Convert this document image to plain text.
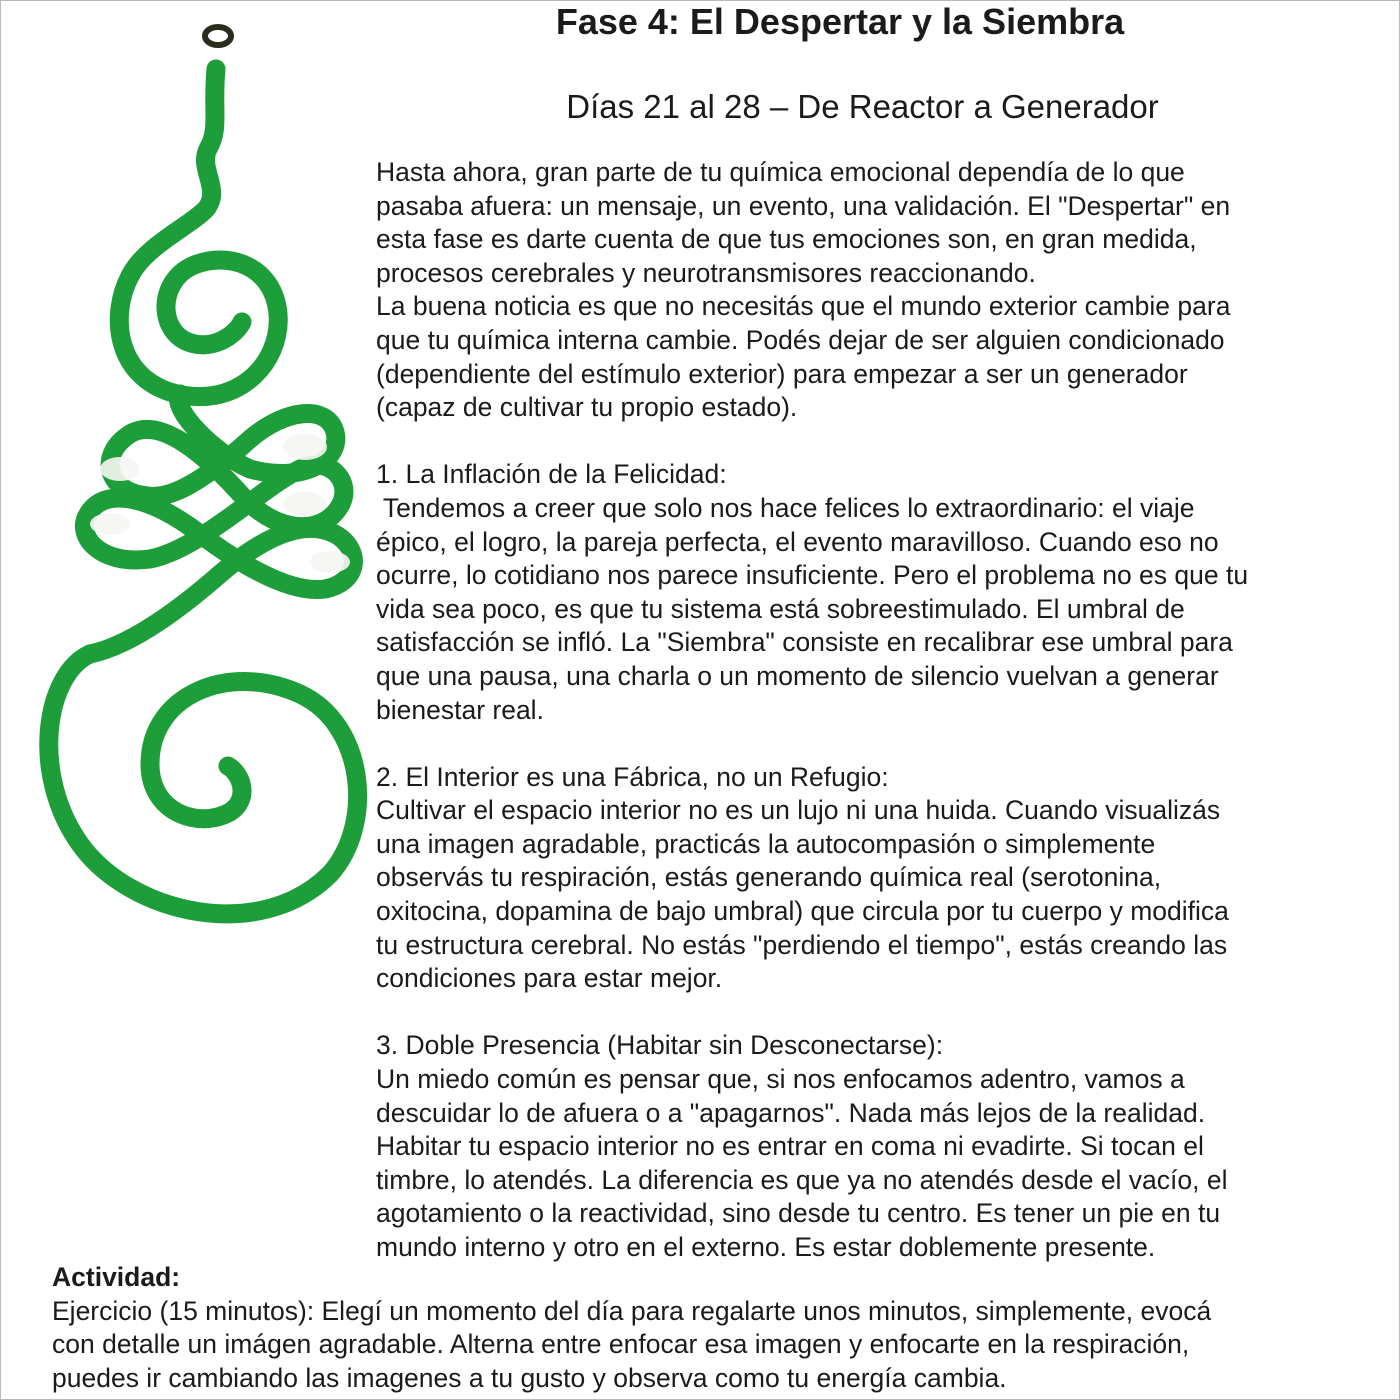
Fase 4: El Despertar y la Siembra
Días 21 al 28 – De Reactor a Generador

Hasta ahora, gran parte de tu química emocional dependía de lo que

pasaba afuera: un mensaje, un evento, una validación. El "Despertar" en

esta fase es darte cuenta de que tus emociones son, en gran medida,

procesos cerebrales y neurotransmisores reaccionando.

La buena noticia es que no necesitás que el mundo exterior cambie para

que tu química interna cambie. Podés dejar de ser alguien condicionado

(dependiente del estímulo exterior) para empezar a ser un generador

(capaz de cultivar tu propio estado).

1. La Inflación de la Felicidad:

Tendemos a creer que solo nos hace felices lo extraordinario: el viaje

épico, el logro, la pareja perfecta, el evento maravilloso. Cuando eso no

ocurre, lo cotidiano nos parece insuficiente. Pero el problema no es que tu

vida sea poco, es que tu sistema está sobreestimulado. El umbral de

satisfacción se infló. La "Siembra" consiste en recalibrar ese umbral para

que una pausa, una charla o un momento de silencio vuelvan a generar

bienestar real.

2. El Interior es una Fábrica, no un Refugio:

Cultivar el espacio interior no es un lujo ni una huida. Cuando visualizás

una imagen agradable, practicás la autocompasión o simplemente

observás tu respiración, estás generando química real (serotonina,

oxitocina, dopamina de bajo umbral) que circula por tu cuerpo y modifica

tu estructura cerebral. No estás "perdiendo el tiempo", estás creando las

condiciones para estar mejor.

3. Doble Presencia (Habitar sin Desconectarse):

Un miedo común es pensar que, si nos enfocamos adentro, vamos a

descuidar lo de afuera o a "apagarnos". Nada más lejos de la realidad.

Habitar tu espacio interior no es entrar en coma ni evadirte. Si tocan el

timbre, lo atendés. La diferencia es que ya no atendés desde el vacío, el

agotamiento o la reactividad, sino desde tu centro. Es tener un pie en tu

mundo interno y otro en el externo. Es estar doblemente presente.

Actividad:
Ejercicio (15 minutos): Elegí un momento del día para regalarte unos minutos, simplemente, evocá
con detalle un imágen agradable. Alterna entre enfocar esa imagen y enfocarte en la respiración,
puedes ir cambiando las imagenes a tu gusto y observa como tu energía cambia.
